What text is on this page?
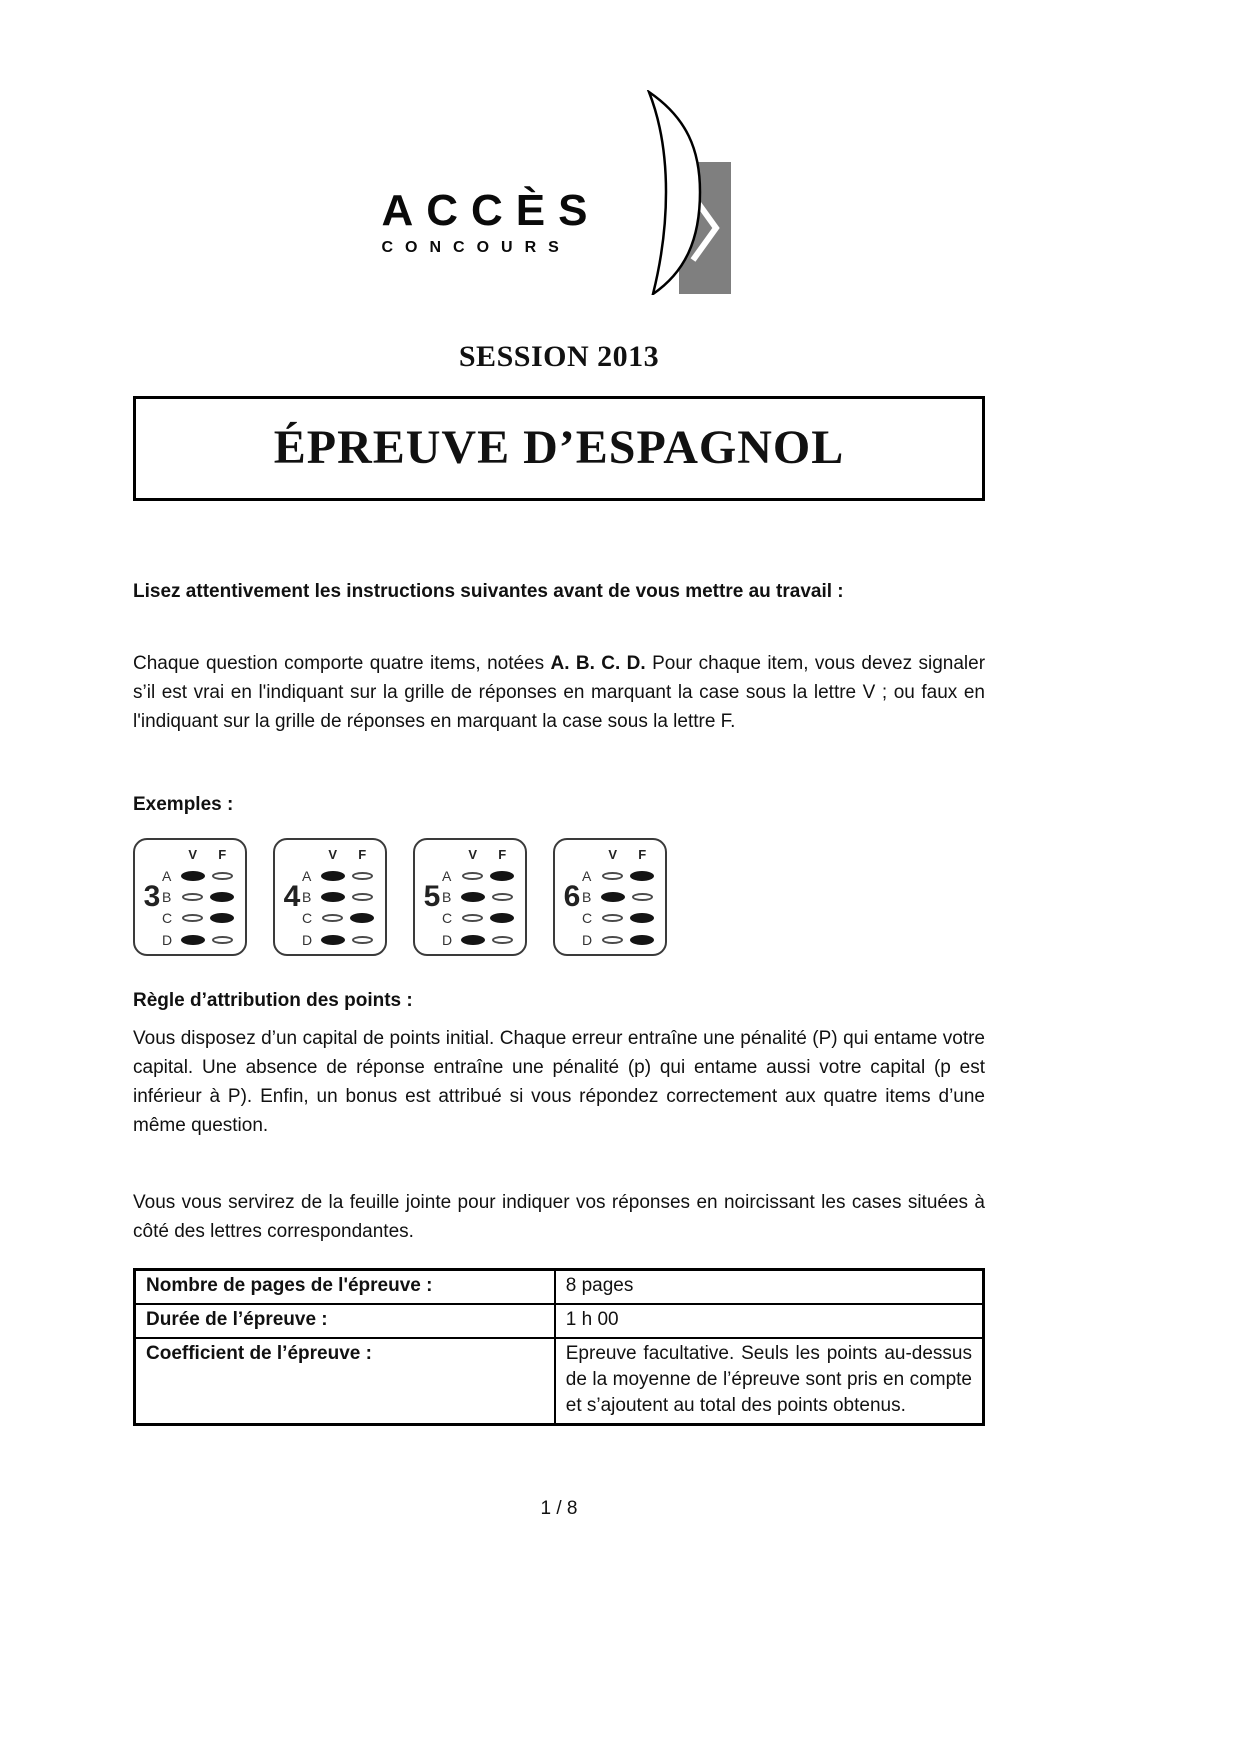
ACCÈS
CONCOURS
SESSION 2013
ÉPREUVE D’ESPAGNOL
Lisez attentivement les instructions suivantes avant de vous mettre au travail :

Chaque question comporte quatre items, notées A. B. C. D. Pour chaque item, vous devez signaler s’il est vrai en l'indiquant sur la grille de réponses en marquant la case sous la lettre V ; ou faux en l'indiquant sur la grille de réponses en marquant la case sous la lettre F.

Exemples :
3
V	F
A
B
C
D
4
V	F
A
B
C
D
5
V	F
A
B
C
D
6
V	F
A
B
C
D
Règle d’attribution des points :

Vous disposez d’un capital de points initial. Chaque erreur entraîne une pénalité (P) qui entame votre capital. Une absence de réponse entraîne une pénalité (p) qui entame aussi votre capital (p est inférieur à P). Enfin, un bonus est attribué si vous répondez correctement aux quatre items d’une même question.

Vous vous servirez de la feuille jointe pour indiquer vos réponses en noircissant les cases situées à côté des lettres correspondantes.

Nombre de pages de l'épreuve :	8 pages
Durée de l’épreuve :	1 h 00
Coefficient de l’épreuve :	Epreuve facultative. Seuls les points au-dessus de la moyenne de l’épreuve sont pris en compte et s’ajoutent au total des points obtenus.
1 / 8
